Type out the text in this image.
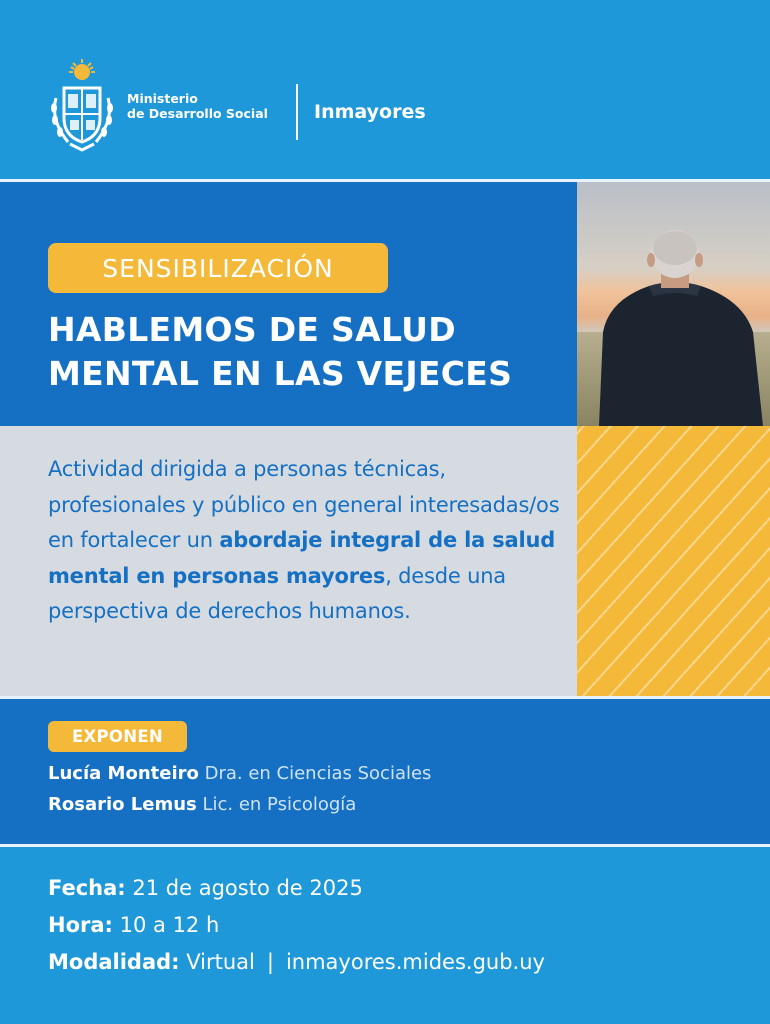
Ministerio
de Desarrollo Social Inmayores
SENSIBILIZACIÓN
HABLEMOS DE SALUD
MENTAL EN LAS VEJECES

Actividad dirigida a personas técnicas, profesionales y público en general interesadas/os en fortalecer un abordaje integral de la salud mental en personas mayores, desde una perspectiva de derechos humanos.

EXPONEN
Lucía Monteiro Dra. en Ciencias Sociales
Rosario Lemus Lic. en Psicología
Fecha: 21 de agosto de 2025
Hora: 10 a 12 h
Modalidad: Virtual | inmayores.mides.gub.uy
